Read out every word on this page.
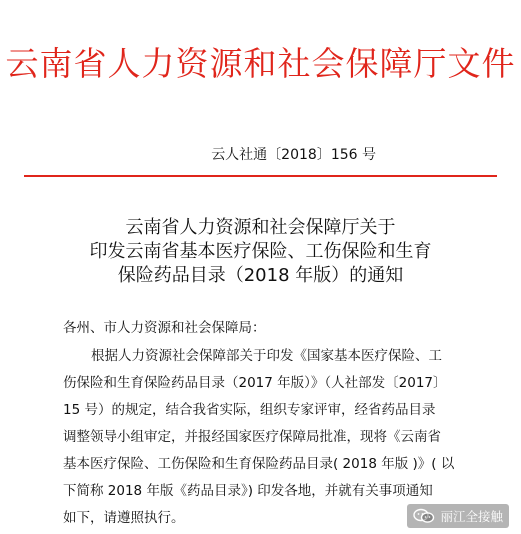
云南省人力资源和社会保障厅文件
云人社通〔2018〕156 号
云南省人力资源和社会保障厅关于
印发云南省基本医疗保险、工伤保险和生育
保险药品目录（2018 年版）的通知
各州、市人力资源和社会保障局：
根据人力资源社会保障部关于印发《国家基本医疗保险、工
伤保险和生育保险药品目录（2017 年版）》（人社部发〔2017〕
15 号）的规定，结合我省实际，组织专家评审，经省药品目录
调整领导小组审定，并报经国家医疗保障局批准，现将《云南省
基本医疗保险、工伤保险和生育保险药品目录( 2018 年版 )》( 以
下简称 2018 年版《药品目录》) 印发各地，并就有关事项通知
如下，请遵照执行。	丽江全接触
